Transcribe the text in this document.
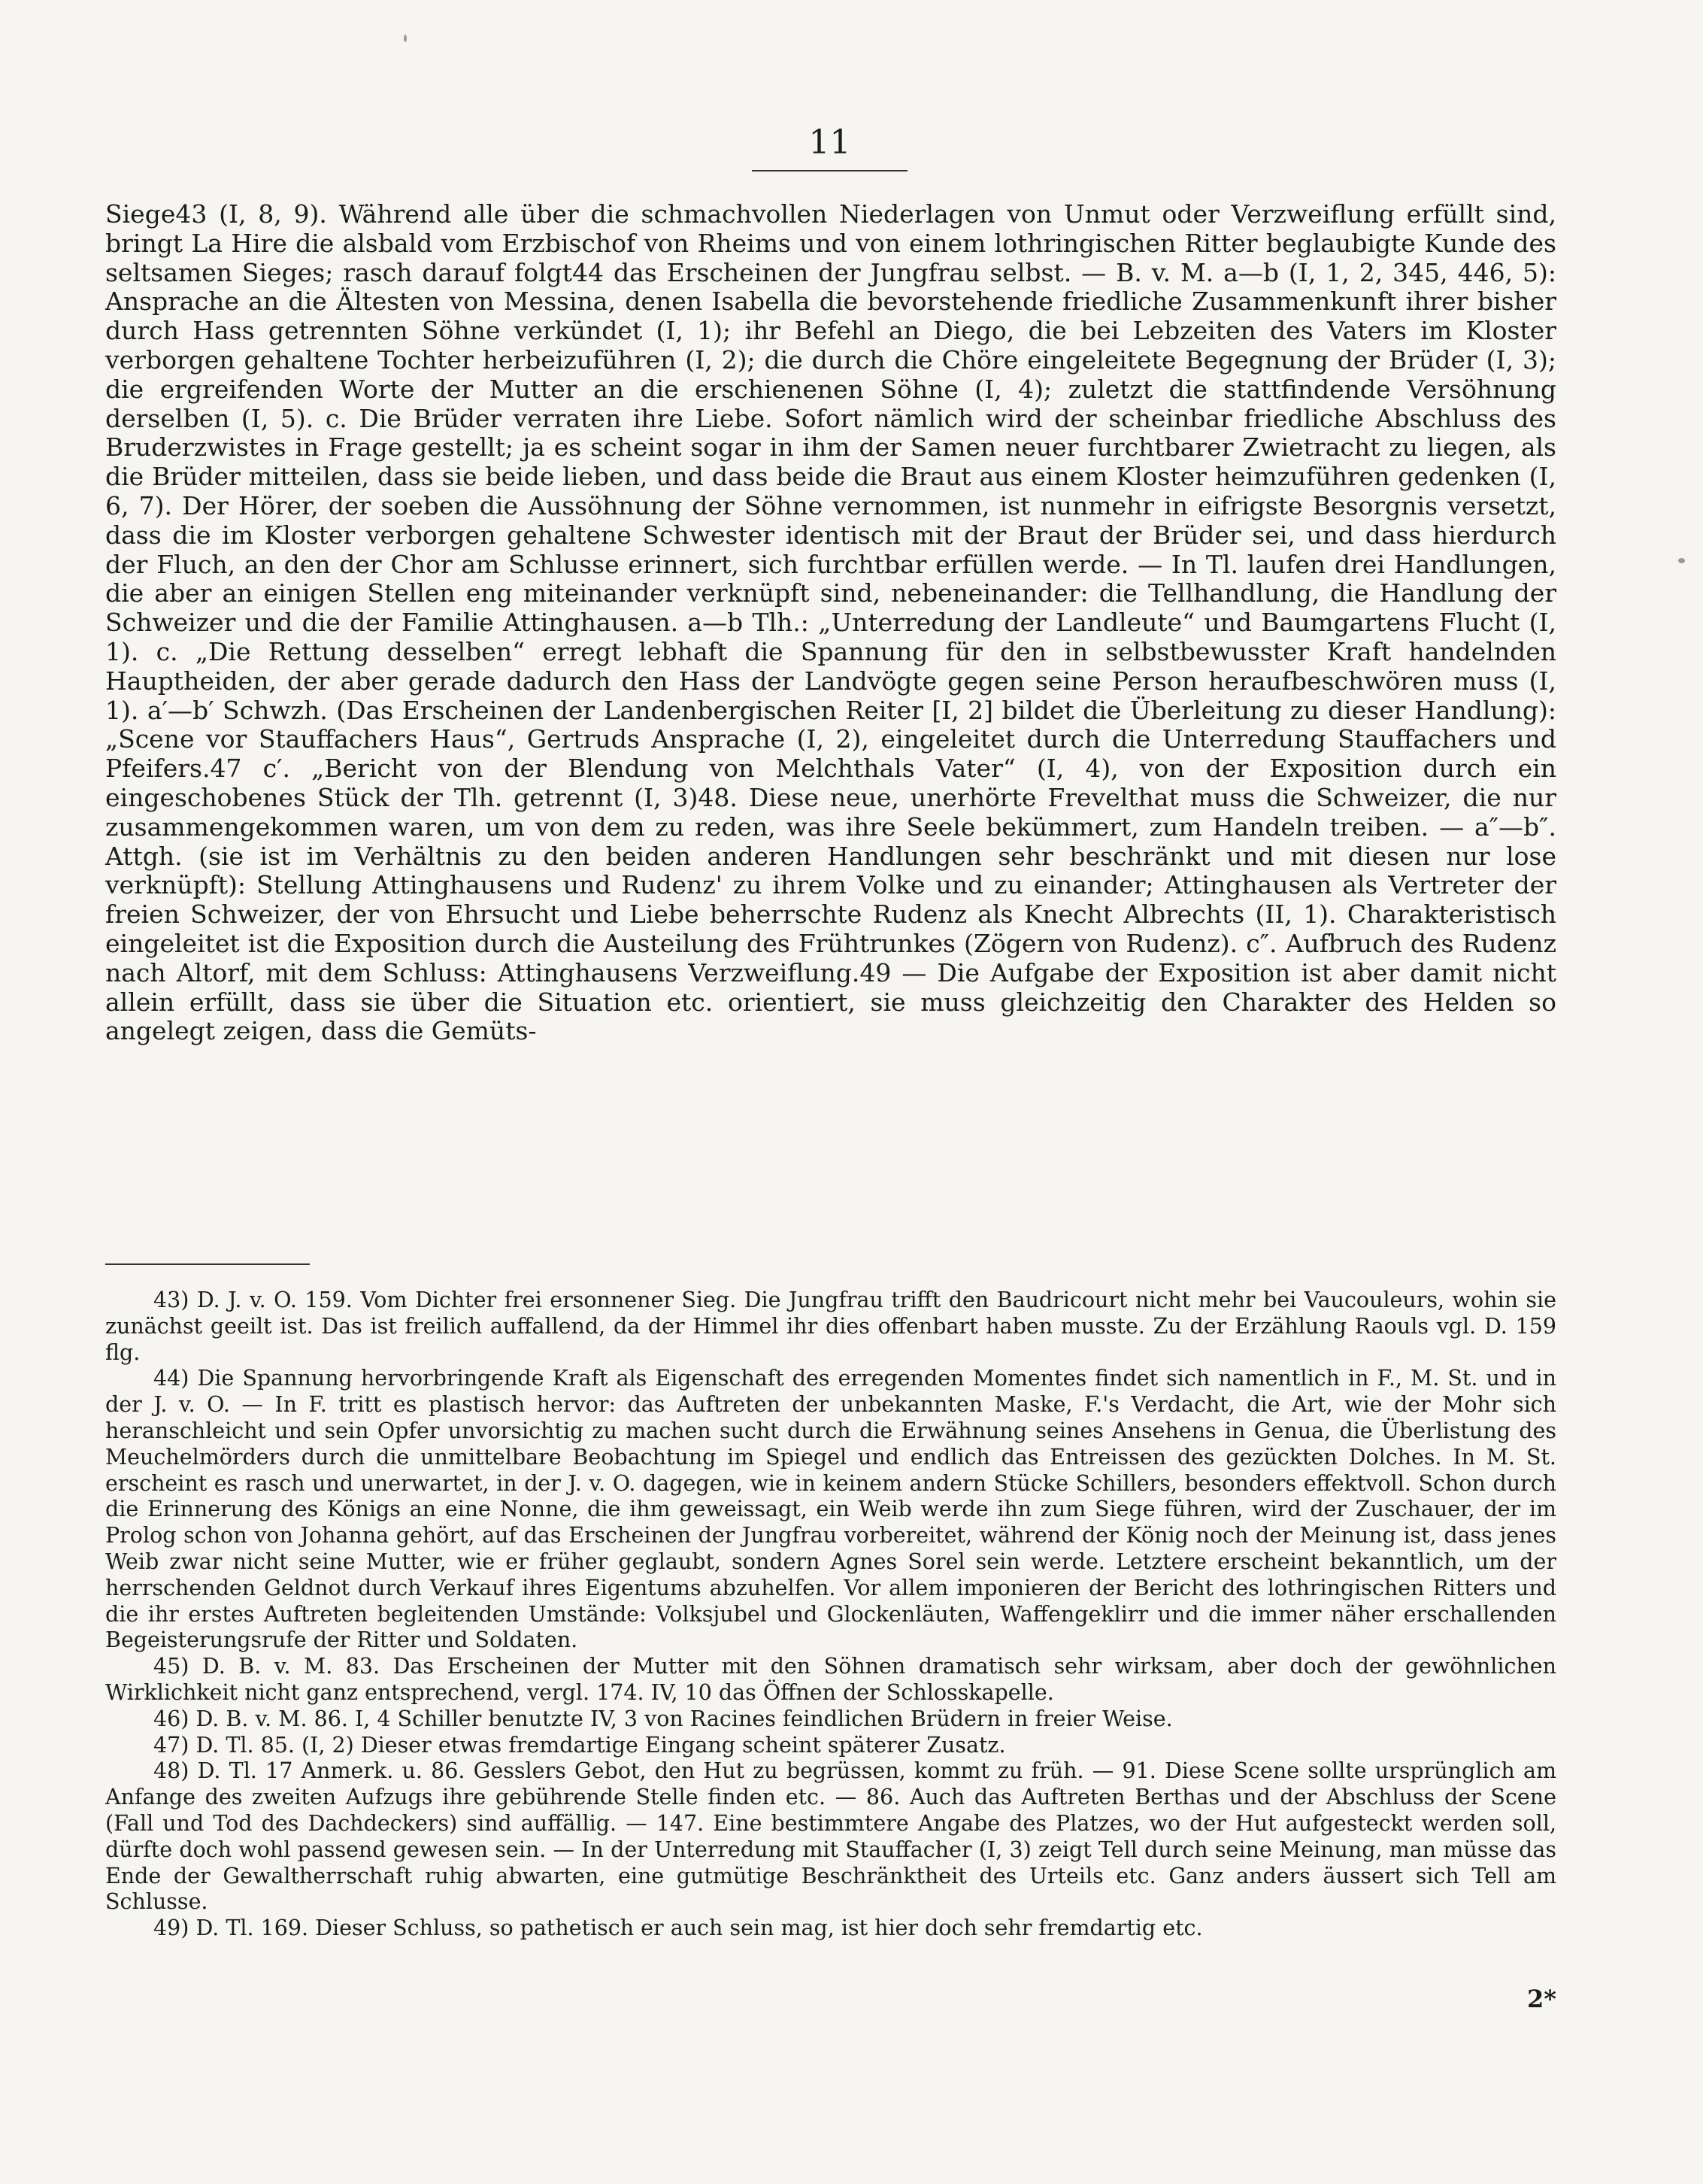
11

Siege43 (I, 8, 9). Während alle über die schmachvollen Niederlagen von Unmut oder Verzweiflung erfüllt sind, bringt La Hire die alsbald vom Erzbischof von Rheims und von einem lothringischen Ritter beglaubigte Kunde des seltsamen Sieges; rasch darauf folgt44 das Erscheinen der Jungfrau selbst. — B. v. M. a—b (I, 1, 2, 345, 446, 5): Ansprache an die Ältesten von Messina, denen Isabella die bevorstehende friedliche Zusammenkunft ihrer bisher durch Hass getrennten Söhne verkündet (I, 1); ihr Befehl an Diego, die bei Lebzeiten des Vaters im Kloster verborgen gehaltene Tochter herbeizuführen (I, 2); die durch die Chöre eingeleitete Begegnung der Brüder (I, 3); die ergreifenden Worte der Mutter an die erschienenen Söhne (I, 4); zuletzt die stattfindende Versöhnung derselben (I, 5). c. Die Brüder verraten ihre Liebe. Sofort nämlich wird der scheinbar friedliche Abschluss des Bruderzwistes in Frage gestellt; ja es scheint sogar in ihm der Samen neuer furchtbarer Zwietracht zu liegen, als die Brüder mitteilen, dass sie beide lieben, und dass beide die Braut aus einem Kloster heimzuführen gedenken (I, 6, 7). Der Hörer, der soeben die Aussöhnung der Söhne vernommen, ist nunmehr in eifrigste Besorgnis versetzt, dass die im Kloster verborgen gehaltene Schwester identisch mit der Braut der Brüder sei, und dass hierdurch der Fluch, an den der Chor am Schlusse erinnert, sich furchtbar erfüllen werde. — In Tl. laufen drei Handlungen, die aber an einigen Stellen eng miteinander verknüpft sind, nebeneinander: die Tellhandlung, die Handlung der Schweizer und die der Familie Attinghausen. a—b Tlh.: „Unterredung der Landleute“ und Baumgartens Flucht (I, 1). c. „Die Rettung desselben“ erregt lebhaft die Spannung für den in selbstbewusster Kraft handelnden Hauptheiden, der aber gerade dadurch den Hass der Landvögte gegen seine Person heraufbeschwören muss (I, 1). a′—b′ Schwzh. (Das Erscheinen der Landenbergischen Reiter [I, 2] bildet die Überleitung zu dieser Handlung): „Scene vor Stauffachers Haus“, Gertruds Ansprache (I, 2), eingeleitet durch die Unterredung Stauffachers und Pfeifers.47 c′. „Bericht von der Blendung von Melchthals Vater“ (I, 4), von der Exposition durch ein eingeschobenes Stück der Tlh. getrennt (I, 3)48. Diese neue, unerhörte Frevelthat muss die Schweizer, die nur zusammengekommen waren, um von dem zu reden, was ihre Seele bekümmert, zum Handeln treiben. — a″—b″. Attgh. (sie ist im Verhältnis zu den beiden anderen Handlungen sehr beschränkt und mit diesen nur lose verknüpft): Stellung Attinghausens und Rudenz' zu ihrem Volke und zu einander; Attinghausen als Vertreter der freien Schweizer, der von Ehrsucht und Liebe beherrschte Rudenz als Knecht Albrechts (II, 1). Charakteristisch eingeleitet ist die Exposition durch die Austeilung des Frühtrunkes (Zögern von Rudenz). c″. Aufbruch des Rudenz nach Altorf, mit dem Schluss: Attinghausens Verzweiflung.49 — Die Aufgabe der Exposition ist aber damit nicht allein erfüllt, dass sie über die Situation etc. orientiert, sie muss gleichzeitig den Charakter des Helden so angelegt zeigen, dass die Gemüts-

43) D. J. v. O. 159. Vom Dichter frei ersonnener Sieg. Die Jungfrau trifft den Baudricourt nicht mehr bei Vaucouleurs, wohin sie zunächst geeilt ist. Das ist freilich auffallend, da der Himmel ihr dies offenbart haben musste. Zu der Erzählung Raouls vgl. D. 159 flg.

44) Die Spannung hervorbringende Kraft als Eigenschaft des erregenden Momentes findet sich namentlich in F., M. St. und in der J. v. O. — In F. tritt es plastisch hervor: das Auftreten der unbekannten Maske, F.'s Verdacht, die Art, wie der Mohr sich heranschleicht und sein Opfer unvorsichtig zu machen sucht durch die Erwähnung seines Ansehens in Genua, die Überlistung des Meuchelmörders durch die unmittelbare Beobachtung im Spiegel und endlich das Entreissen des gezückten Dolches. In M. St. erscheint es rasch und unerwartet, in der J. v. O. dagegen, wie in keinem andern Stücke Schillers, besonders effektvoll. Schon durch die Erinnerung des Königs an eine Nonne, die ihm geweissagt, ein Weib werde ihn zum Siege führen, wird der Zuschauer, der im Prolog schon von Johanna gehört, auf das Erscheinen der Jungfrau vorbereitet, während der König noch der Meinung ist, dass jenes Weib zwar nicht seine Mutter, wie er früher geglaubt, sondern Agnes Sorel sein werde. Letztere erscheint bekanntlich, um der herrschenden Geldnot durch Verkauf ihres Eigentums abzuhelfen. Vor allem imponieren der Bericht des lothringischen Ritters und die ihr erstes Auftreten begleitenden Umstände: Volksjubel und Glockenläuten, Waffengeklirr und die immer näher erschallenden Begeisterungsrufe der Ritter und Soldaten.

45) D. B. v. M. 83. Das Erscheinen der Mutter mit den Söhnen dramatisch sehr wirksam, aber doch der gewöhnlichen Wirklichkeit nicht ganz entsprechend, vergl. 174. IV, 10 das Öffnen der Schlosskapelle.

46) D. B. v. M. 86. I, 4 Schiller benutzte IV, 3 von Racines feindlichen Brüdern in freier Weise.

47) D. Tl. 85. (I, 2) Dieser etwas fremdartige Eingang scheint späterer Zusatz.

48) D. Tl. 17 Anmerk. u. 86. Gesslers Gebot, den Hut zu begrüssen, kommt zu früh. — 91. Diese Scene sollte ursprünglich am Anfange des zweiten Aufzugs ihre gebührende Stelle finden etc. — 86. Auch das Auftreten Berthas und der Abschluss der Scene (Fall und Tod des Dachdeckers) sind auffällig. — 147. Eine bestimmtere Angabe des Platzes, wo der Hut aufgesteckt werden soll, dürfte doch wohl passend gewesen sein. — In der Unterredung mit Stauffacher (I, 3) zeigt Tell durch seine Meinung, man müsse das Ende der Gewaltherrschaft ruhig abwarten, eine gutmütige Beschränktheit des Urteils etc. Ganz anders äussert sich Tell am Schlusse.

49) D. Tl. 169. Dieser Schluss, so pathetisch er auch sein mag, ist hier doch sehr fremdartig etc.

2*
